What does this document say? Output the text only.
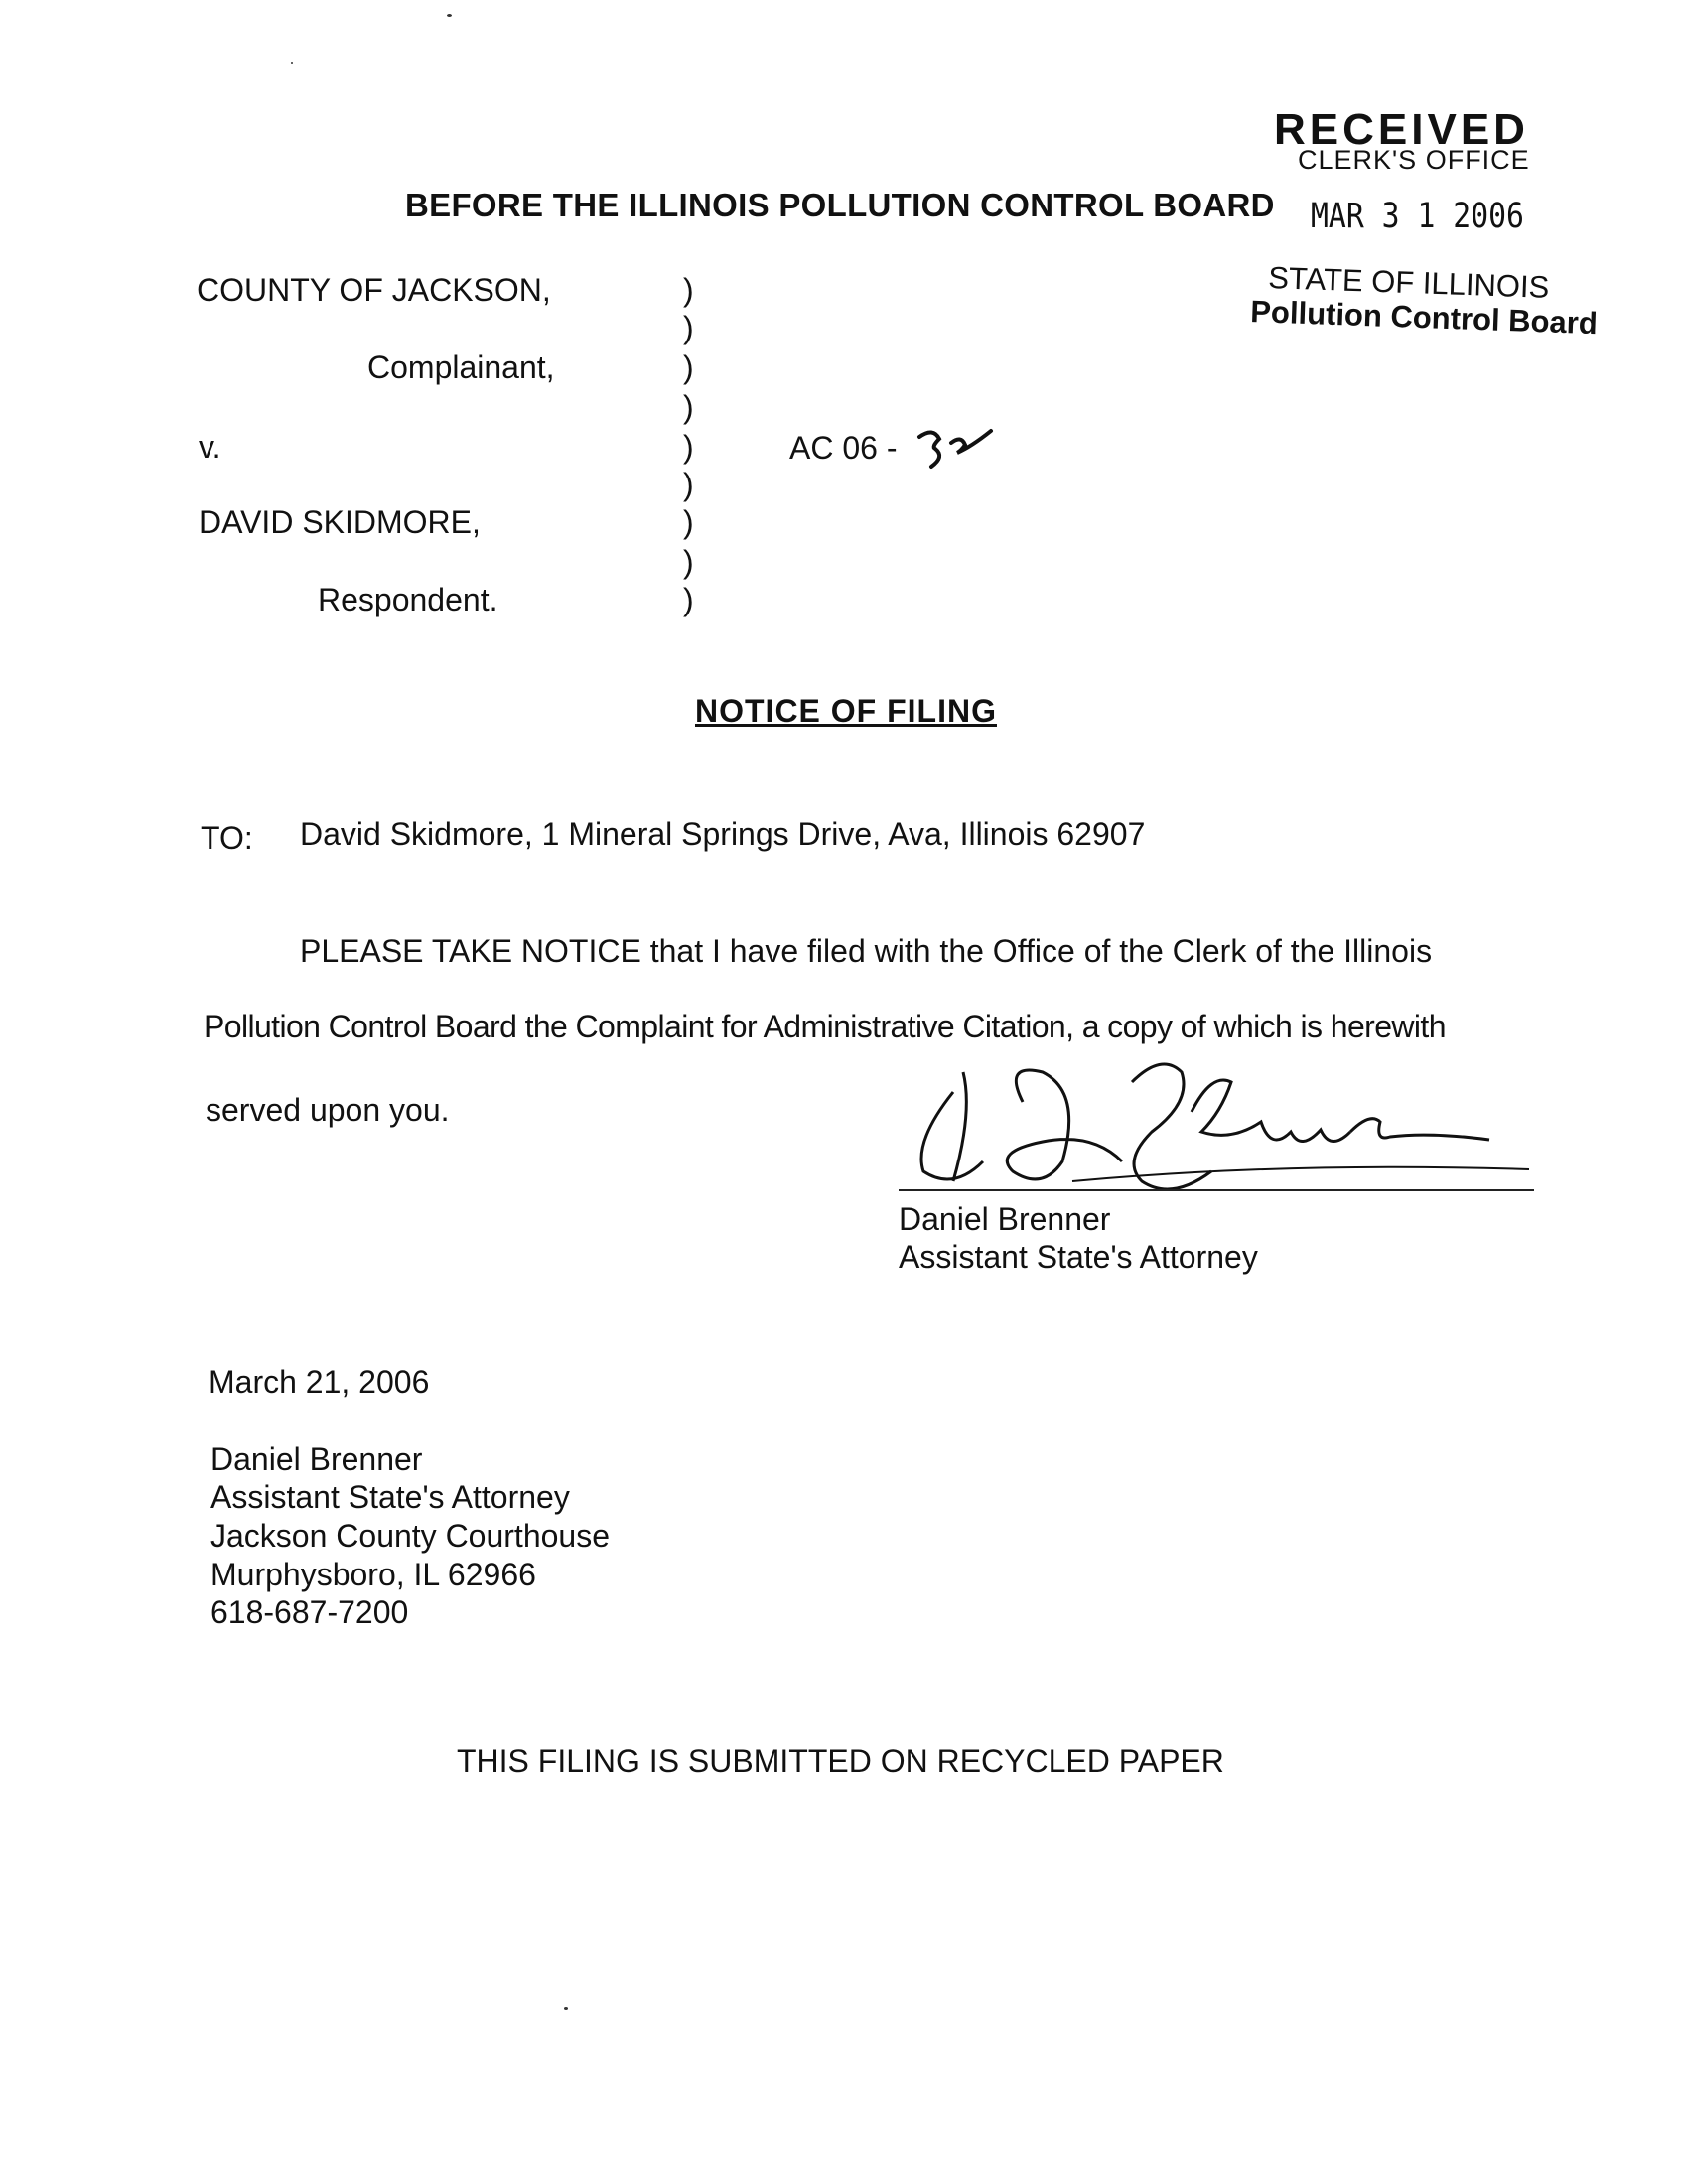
RECEIVED
CLERK'S OFFICE
MAR 3 1 2006
STATE OF ILLINOIS
Pollution Control Board
BEFORE THE ILLINOIS POLLUTION CONTROL BOARD
COUNTY OF JACKSON,
Complainant,
v.
DAVID SKIDMORE,
Respondent.
)
)
)
)
)
)
)
)
)
AC 06 -
NOTICE OF FILING
TO: David Skidmore, 1 Mineral Springs Drive, Ava, Illinois 62907
PLEASE TAKE NOTICE that I have filed with the Office of the Clerk of the Illinois
Pollution Control Board the Complaint for Administrative Citation, a copy of which is herewith
served upon you.
Daniel Brenner
Assistant State's Attorney
March 21, 2006
Daniel Brenner
Assistant State's Attorney
Jackson County Courthouse
Murphysboro, IL 62966
618-687-7200
THIS FILING IS SUBMITTED ON RECYCLED PAPER
